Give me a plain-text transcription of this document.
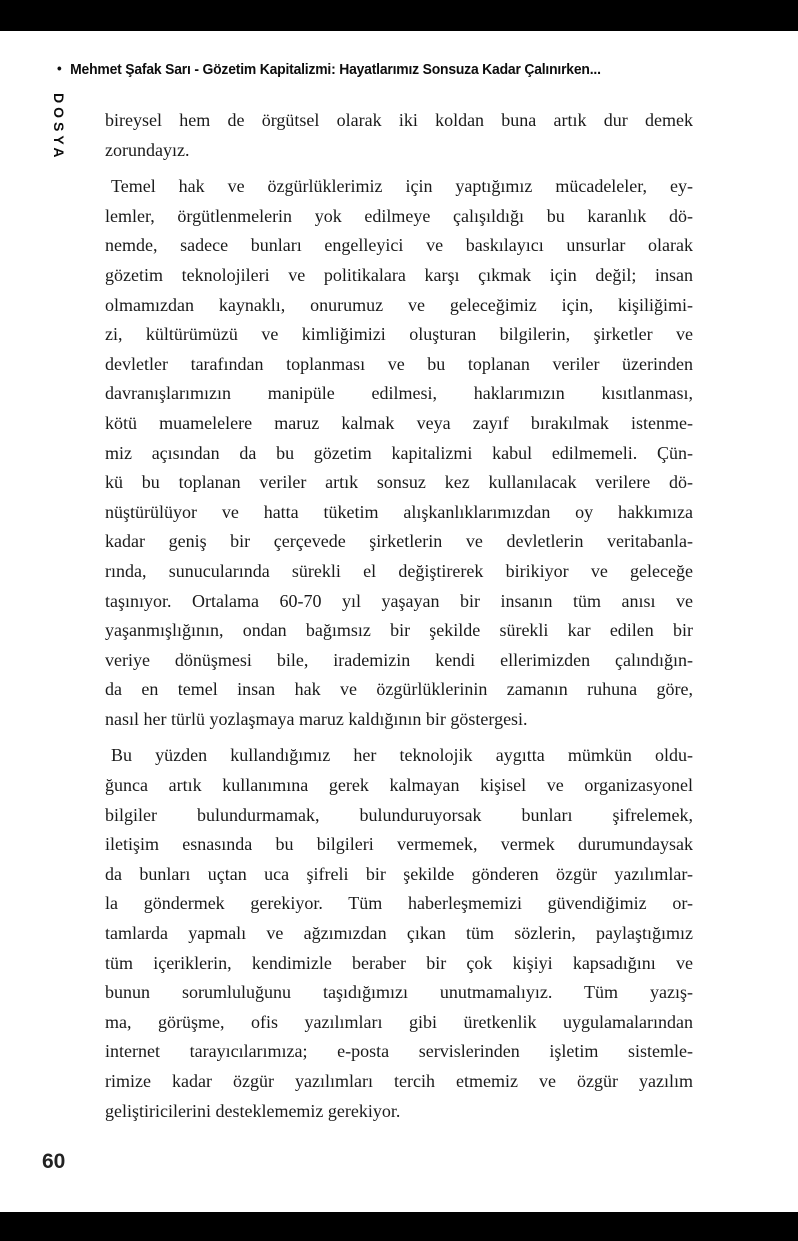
• Mehmet Şafak Sarı - Gözetim Kapitalizmi: Hayatlarımız Sonsuza Kadar Çalınırken...
DOSYA bireysel hem de örgütsel olarak iki koldan buna artık dur demek
zorundayız.
Temel hak ve özgürlüklerimiz için yaptığımız mücadeleler, ey-
lemler, örgütlenmelerin yok edilmeye çalışıldığı bu karanlık dö-
nemde, sadece bunları engelleyici ve baskılayıcı unsurlar olarak
gözetim teknolojileri ve politikalara karşı çıkmak için değil; insan
olmamızdan kaynaklı, onurumuz ve geleceğimiz için, kişiliğimi-
zi, kültürümüzü ve kimliğimizi oluşturan bilgilerin, şirketler ve
devletler tarafından toplanması ve bu toplanan veriler üzerinden
davranışlarımızın manipüle edilmesi, haklarımızın kısıtlanması,
kötü muamelelere maruz kalmak veya zayıf bırakılmak istenme-
miz açısından da bu gözetim kapitalizmi kabul edilmemeli. Çün-
kü bu toplanan veriler artık sonsuz kez kullanılacak verilere dö-
nüştürülüyor ve hatta tüketim alışkanlıklarımızdan oy hakkımıza
kadar geniş bir çerçevede şirketlerin ve devletlerin veritabanla-
rında, sunucularında sürekli el değiştirerek birikiyor ve geleceğe
taşınıyor. Ortalama 60-70 yıl yaşayan bir insanın tüm anısı ve
yaşanmışlığının, ondan bağımsız bir şekilde sürekli kar edilen bir
veriye dönüşmesi bile, irademizin kendi ellerimizden çalındığın-
da en temel insan hak ve özgürlüklerinin zamanın ruhuna göre,
nasıl her türlü yozlaşmaya maruz kaldığının bir göstergesi.
Bu yüzden kullandığımız her teknolojik aygıtta mümkün oldu-
ğunca artık kullanımına gerek kalmayan kişisel ve organizasyonel
bilgiler bulundurmamak, bulunduruyorsak bunları şifrelemek,
iletişim esnasında bu bilgileri vermemek, vermek durumundaysak
da bunları uçtan uca şifreli bir şekilde gönderen özgür yazılımlar-
la göndermek gerekiyor. Tüm haberleşmemizi güvendiğimiz or-
tamlarda yapmalı ve ağzımızdan çıkan tüm sözlerin, paylaştığımız
tüm içeriklerin, kendimizle beraber bir çok kişiyi kapsadığını ve
bunun sorumluluğunu taşıdığımızı unutmamalıyız. Tüm yazış-
ma, görüşme, ofis yazılımları gibi üretkenlik uygulamalarından
internet tarayıcılarımıza; e-posta servislerinden işletim sistemle-
rimize kadar özgür yazılımları tercih etmemiz ve özgür yazılım
geliştiricilerini desteklememiz gerekiyor.
60
